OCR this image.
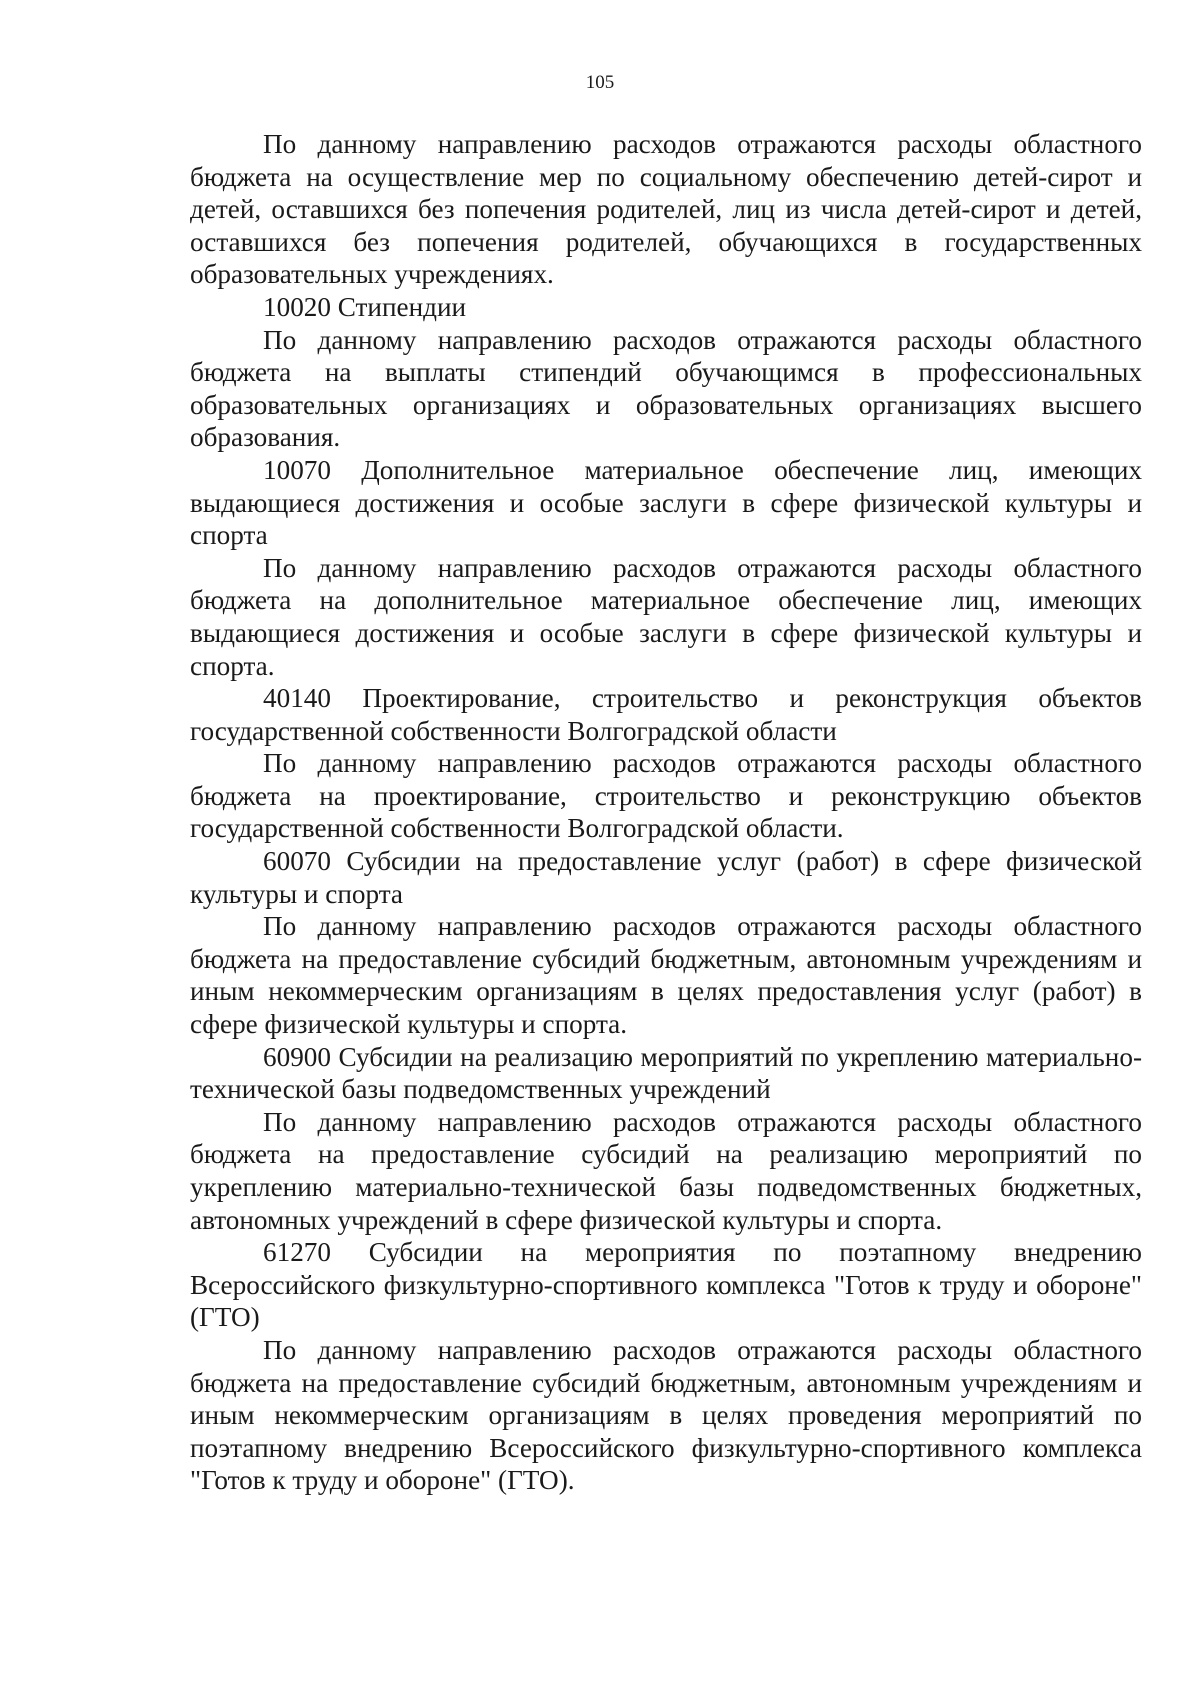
105

По данному направлению расходов отражаются расходы областного бюджета на осуществление мер по социальному обеспечению детей-сирот и детей, оставшихся без попечения родителей, лиц из числа детей-сирот и детей, оставшихся без попечения родителей, обучающихся в государственных образовательных учреждениях.

10020 Стипендии

По данному направлению расходов отражаются расходы областного бюджета на выплаты стипендий обучающимся в профессиональных образовательных организациях и образовательных организациях высшего образования.

10070 Дополнительное материальное обеспечение лиц, имеющих выдающиеся достижения и особые заслуги в сфере физической культуры и спорта

По данному направлению расходов отражаются расходы областного бюджета на дополнительное материальное обеспечение лиц, имеющих выдающиеся достижения и особые заслуги в сфере физической культуры и спорта.

40140 Проектирование, строительство и реконструкция объектов государственной собственности Волгоградской области

По данному направлению расходов отражаются расходы областного бюджета на проектирование, строительство и реконструкцию объектов государственной собственности Волгоградской области.

60070 Субсидии на предоставление услуг (работ) в сфере физической культуры и спорта

По данному направлению расходов отражаются расходы областного бюджета на предоставление субсидий бюджетным, автономным учреждениям и иным некоммерческим организациям в целях предоставления услуг (работ) в сфере физической культуры и спорта.

60900 Субсидии на реализацию мероприятий по укреплению материально-технической базы подведомственных учреждений

По данному направлению расходов отражаются расходы областного бюджета на предоставление субсидий на реализацию мероприятий по укреплению материально-технической базы подведомственных бюджетных, автономных учреждений в сфере физической культуры и спорта.

61270 Субсидии на мероприятия по поэтапному внедрению Всероссийского физкультурно-спортивного комплекса "Готов к труду и обороне" (ГТО)

По данному направлению расходов отражаются расходы областного бюджета на предоставление субсидий бюджетным, автономным учреждениям и иным некоммерческим организациям в целях проведения мероприятий по поэтапному внедрению Всероссийского физкультурно-спортивного комплекса "Готов к труду и обороне" (ГТО).
